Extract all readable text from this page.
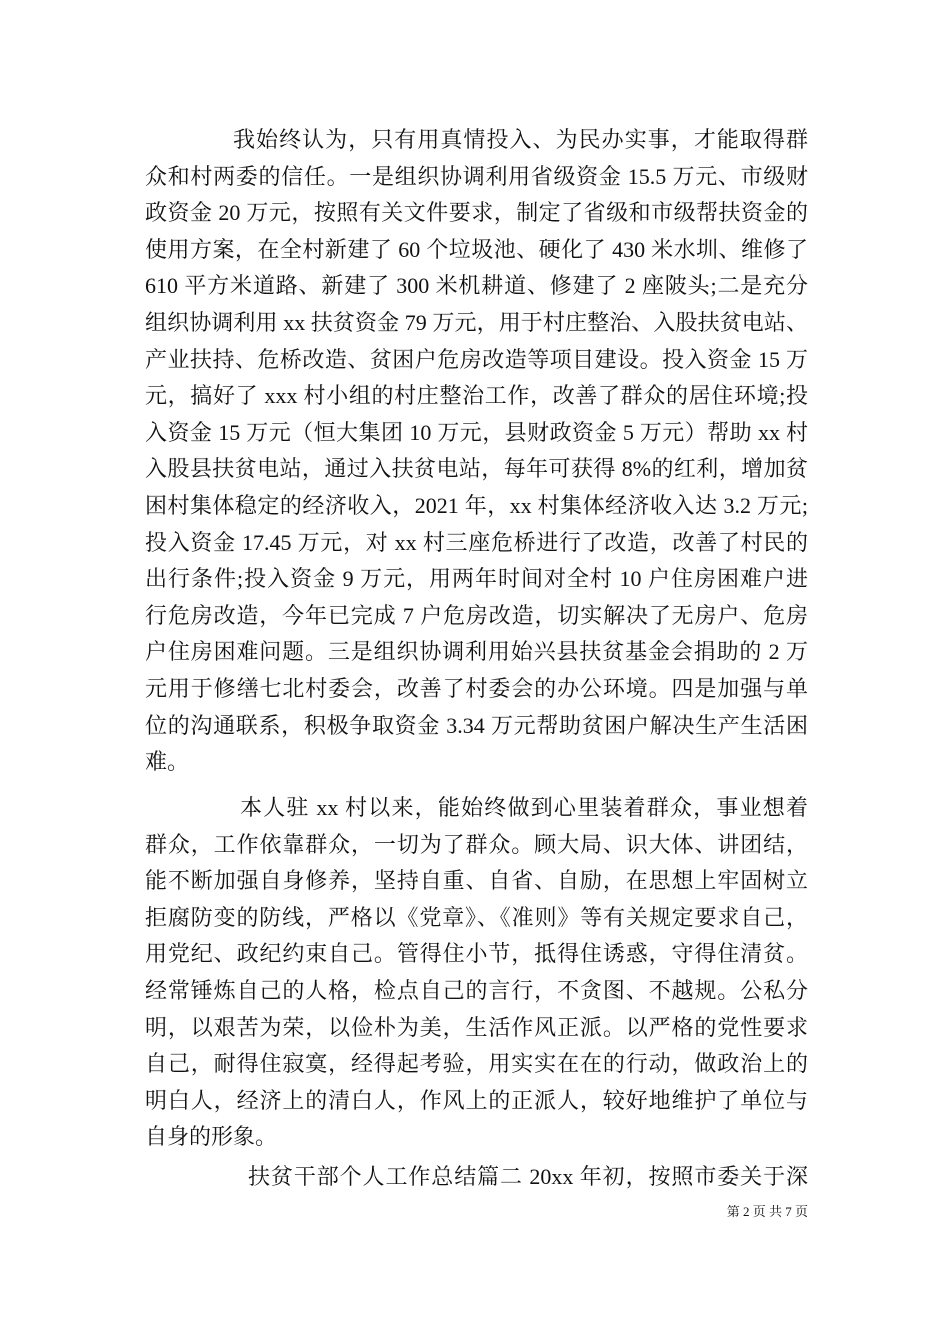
我始终认为，只有用真情投入、为民办实事，才能取得群
众和村两委的信任。一是组织协调利用省级资金 15.5 万元、市级财
政资金 20 万元，按照有关文件要求，制定了省级和市级帮扶资金的
使用方案，在全村新建了 60 个垃圾池、硬化了 430 米水圳、维修了
610 平方米道路、新建了 300 米机耕道、修建了 2 座陂头;二是充分
组织协调利用 xx 扶贫资金 79 万元，用于村庄整治、入股扶贫电站、
产业扶持、危桥改造、贫困户危房改造等项目建设。投入资金 15 万
元，搞好了 xxx 村小组的村庄整治工作，改善了群众的居住环境;投
入资金 15 万元（恒大集团 10 万元，县财政资金 5 万元）帮助 xx 村
入股县扶贫电站，通过入扶贫电站，每年可获得 8%的红利，增加贫
困村集体稳定的经济收入，2021 年，xx 村集体经济收入达 3.2 万元;
投入资金 17.45 万元，对 xx 村三座危桥进行了改造，改善了村民的
出行条件;投入资金 9 万元，用两年时间对全村 10 户住房困难户进
行危房改造，今年已完成 7 户危房改造，切实解决了无房户、危房
户住房困难问题。三是组织协调利用始兴县扶贫基金会捐助的 2 万
元用于修缮七北村委会，改善了村委会的办公环境。四是加强与单
位的沟通联系，积极争取资金 3.34 万元帮助贫困户解决生产生活困
难。
本人驻 xx 村以来，能始终做到心里装着群众，事业想着
群众，工作依靠群众，一切为了群众。顾大局、识大体、讲团结，
能不断加强自身修养，坚持自重、自省、自励，在思想上牢固树立
拒腐防变的防线，严格以《党章》、《准则》等有关规定要求自己，
用党纪、政纪约束自己。管得住小节，抵得住诱惑，守得住清贫。
经常锤炼自己的人格，检点自己的言行，不贪图、不越规。公私分
明，以艰苦为荣，以俭朴为美，生活作风正派。以严格的党性要求
自己，耐得住寂寞，经得起考验，用实实在在的行动，做政治上的
明白人，经济上的清白人，作风上的正派人，较好地维护了单位与
自身的形象。
扶贫干部个人工作总结篇二 20xx 年初，按照市委关于深
第 2 页 共 7 页
